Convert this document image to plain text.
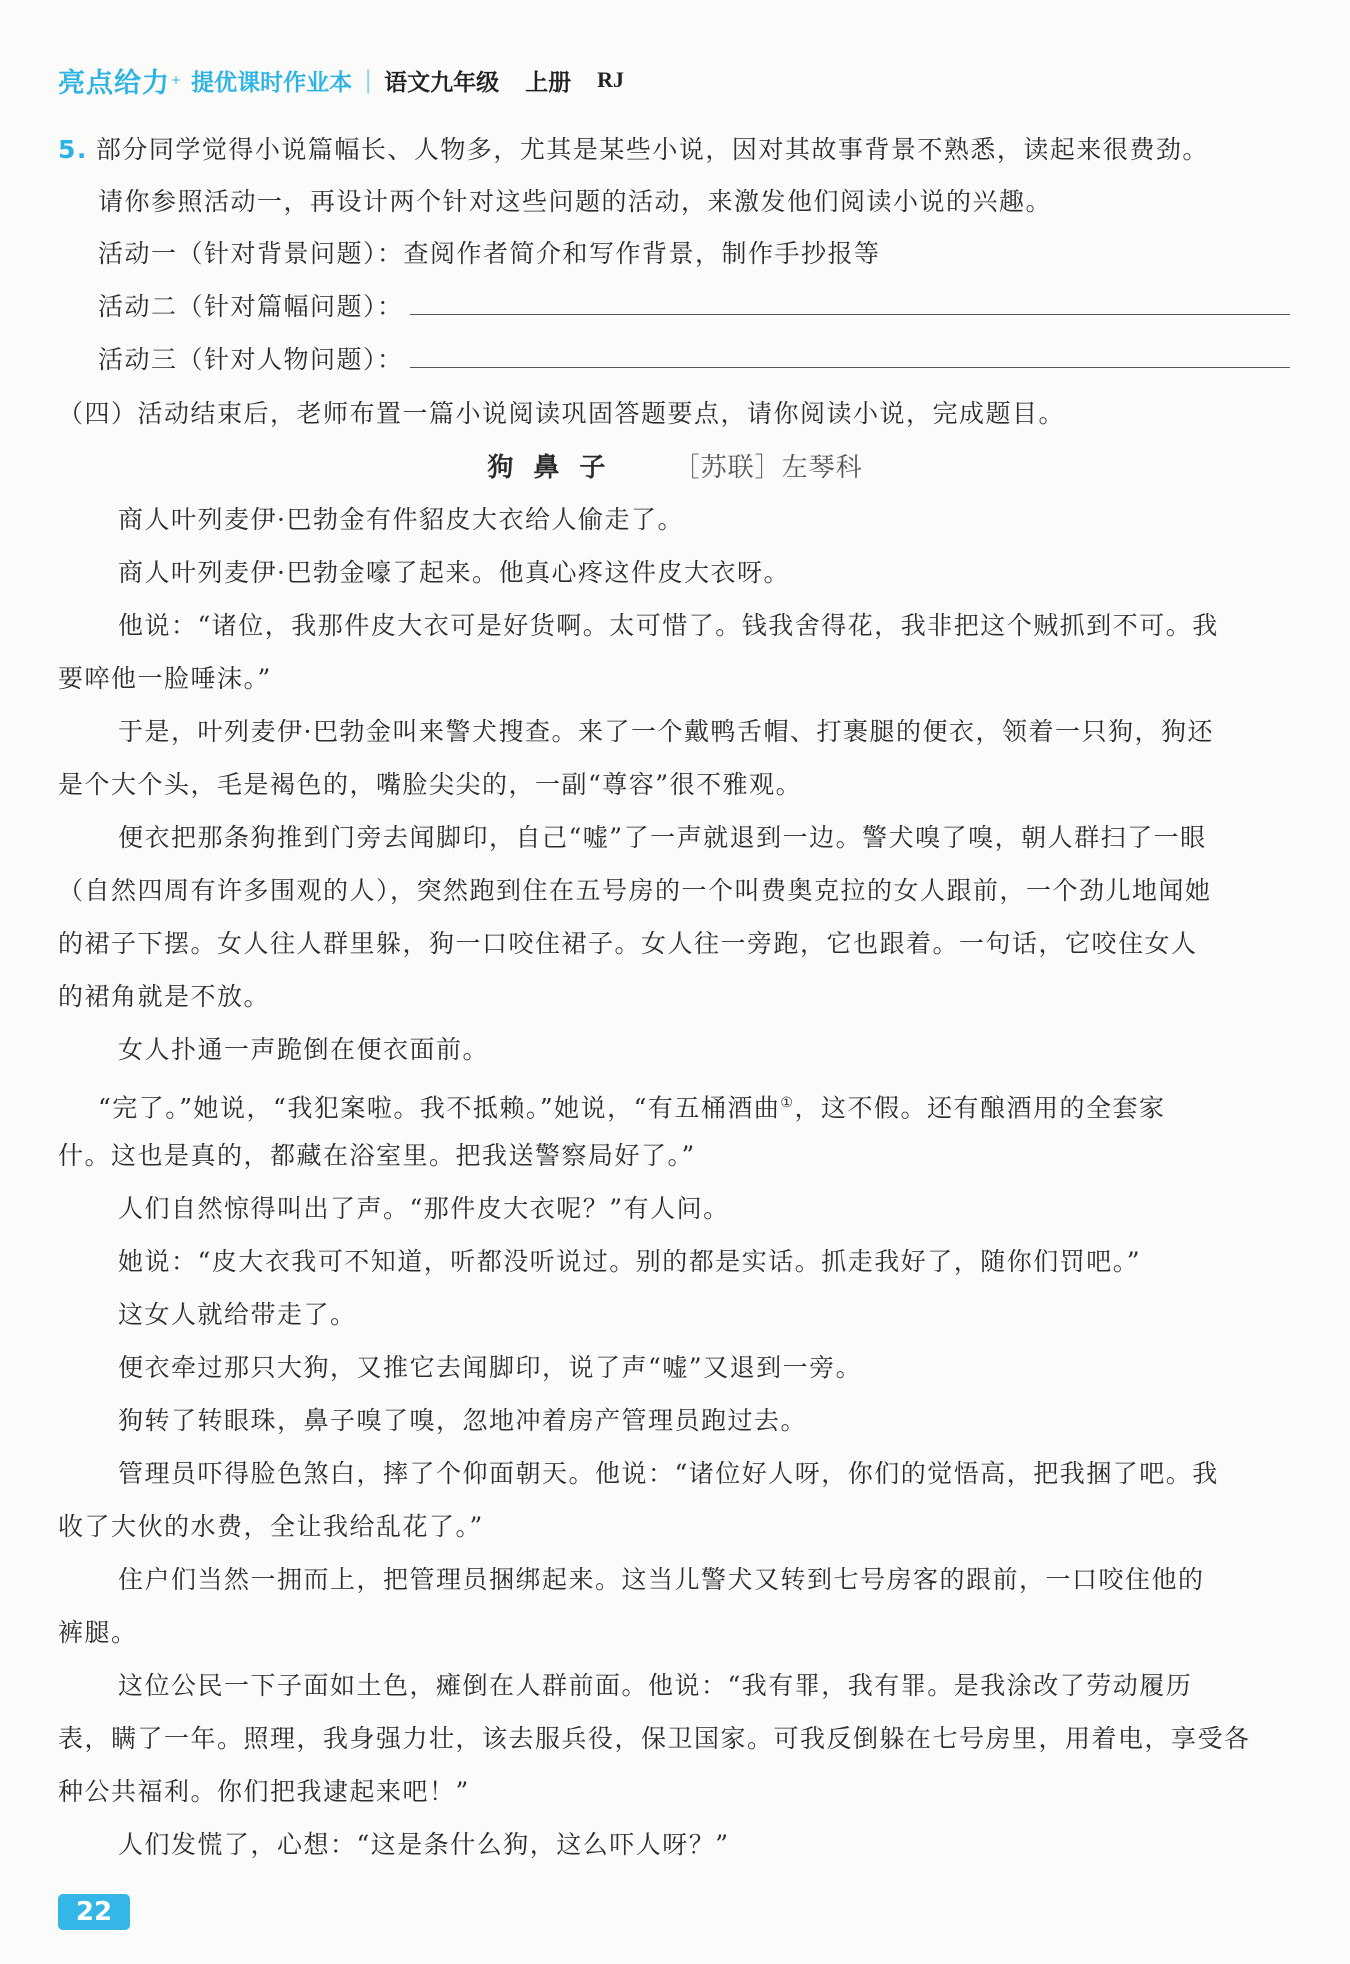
亮点给力 + 提优课时作业本 | 语文九年级 上册 RJ
5. 部分同学觉得小说篇幅长、人物多，尤其是某些小说，因对其故事背景不熟悉，读起来很费劲。
请你参照活动一，再设计两个针对这些问题的活动，来激发他们阅读小说的兴趣。
活动一（针对背景问题）：查阅作者简介和写作背景，制作手抄报等
活动二（针对篇幅问题）：
活动三（针对人物问题）：
（四）活动结束后，老师布置一篇小说阅读巩固答题要点，请你阅读小说，完成题目。
狗鼻子 ［苏联］左琴科
商人叶列麦伊·巴勃金有件貂皮大衣给人偷走了。
商人叶列麦伊·巴勃金嚎了起来。他真心疼这件皮大衣呀。
他说：“诸位，我那件皮大衣可是好货啊。太可惜了。钱我舍得花，我非把这个贼抓到不可。我
要啐他一脸唾沫。”
于是，叶列麦伊·巴勃金叫来警犬搜查。来了一个戴鸭舌帽、打裹腿的便衣，领着一只狗，狗还
是个大个头，毛是褐色的，嘴脸尖尖的，一副“尊容”很不雅观。
便衣把那条狗推到门旁去闻脚印，自己“嘘”了一声就退到一边。警犬嗅了嗅，朝人群扫了一眼
（自然四周有许多围观的人），突然跑到住在五号房的一个叫费奥克拉的女人跟前，一个劲儿地闻她
的裙子下摆。女人往人群里躲，狗一口咬住裙子。女人往一旁跑，它也跟着。一句话，它咬住女人
的裙角就是不放。
女人扑通一声跪倒在便衣面前。
“完了。”她说，“我犯案啦。我不抵赖。”她说，“有五桶酒曲①，这不假。还有酿酒用的全套家
什。这也是真的，都藏在浴室里。把我送警察局好了。”
人们自然惊得叫出了声。“那件皮大衣呢？”有人问。
她说：“皮大衣我可不知道，听都没听说过。别的都是实话。抓走我好了，随你们罚吧。”
这女人就给带走了。
便衣牵过那只大狗，又推它去闻脚印，说了声“嘘”又退到一旁。
狗转了转眼珠，鼻子嗅了嗅，忽地冲着房产管理员跑过去。
管理员吓得脸色煞白，摔了个仰面朝天。他说：“诸位好人呀，你们的觉悟高，把我捆了吧。我
收了大伙的水费，全让我给乱花了。”
住户们当然一拥而上，把管理员捆绑起来。这当儿警犬又转到七号房客的跟前，一口咬住他的
裤腿。
这位公民一下子面如土色，瘫倒在人群前面。他说：“我有罪，我有罪。是我涂改了劳动履历
表，瞒了一年。照理，我身强力壮，该去服兵役，保卫国家。可我反倒躲在七号房里，用着电，享受各
种公共福利。你们把我逮起来吧！”
人们发慌了，心想：“这是条什么狗，这么吓人呀？”
22
